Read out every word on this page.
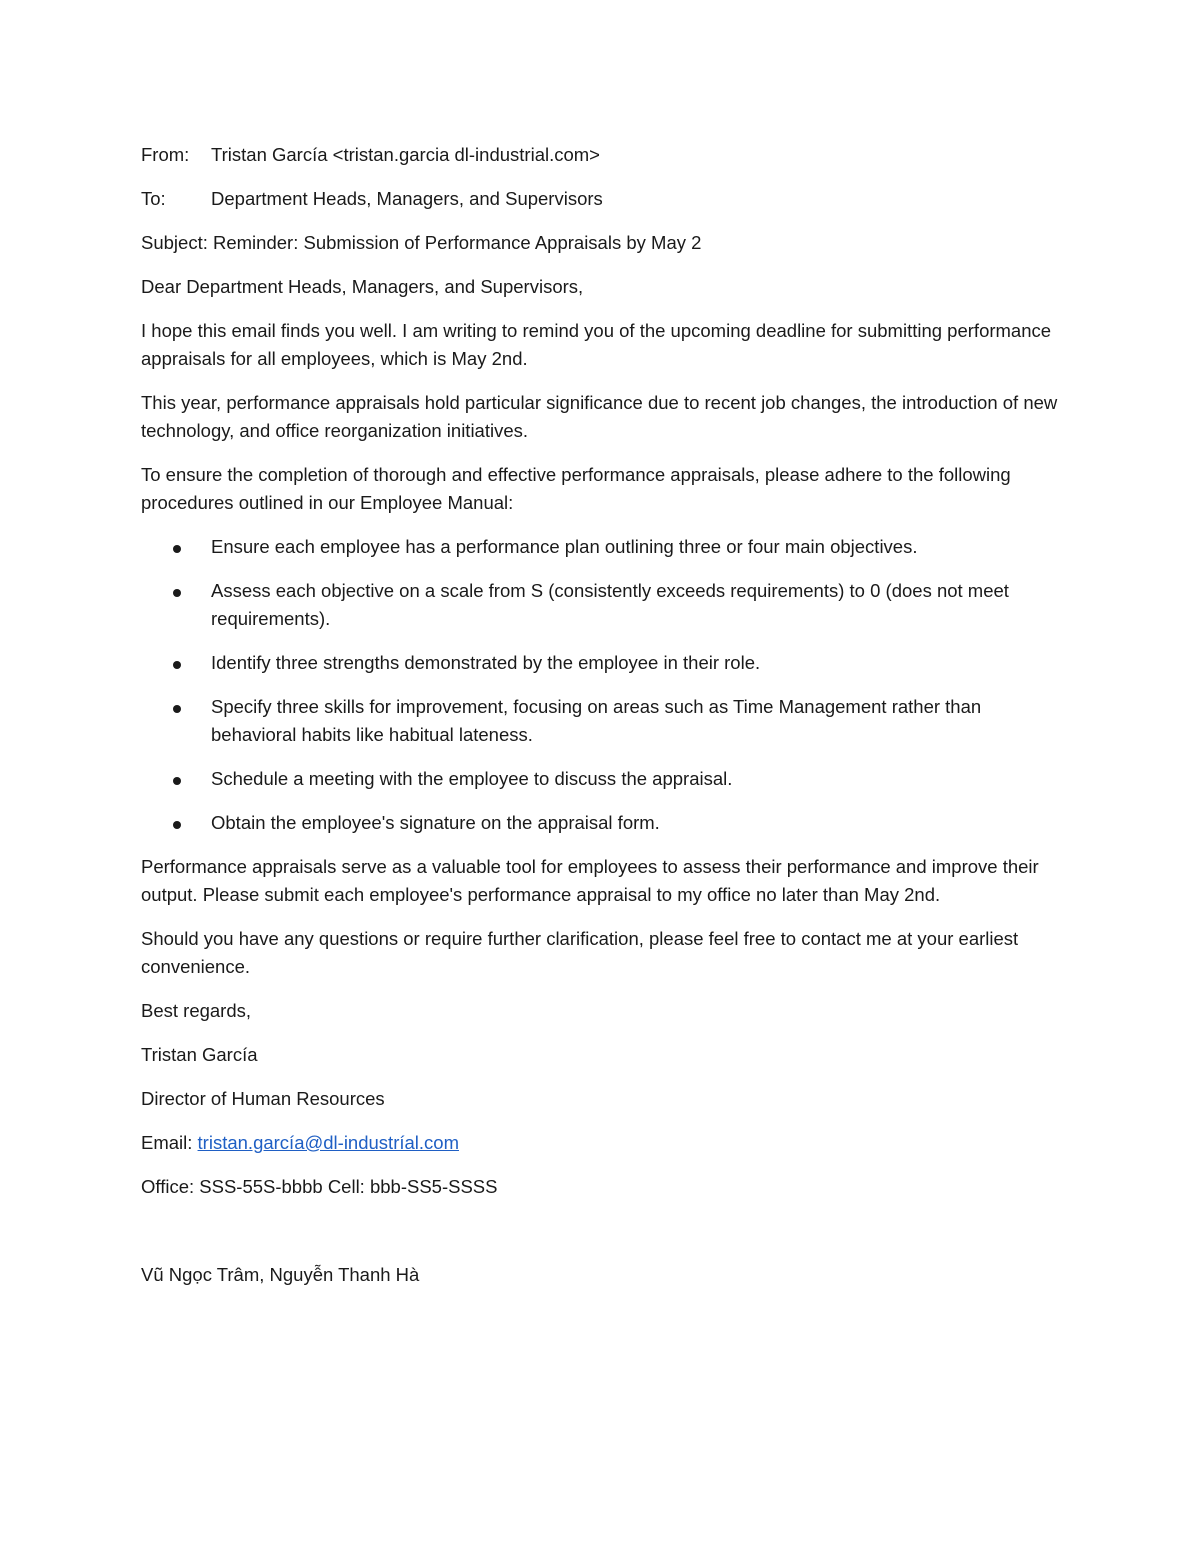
From:	Tristan García <tristan.garcia dl-industrial.com>
To:	Department Heads, Managers, and Supervisors

Subject: Reminder: Submission of Performance Appraisals by May 2

Dear Department Heads, Managers, and Supervisors,

I hope this email finds you well. I am writing to remind you of the upcoming deadline for submitting performance appraisals for all employees, which is May 2nd.

This year, performance appraisals hold particular significance due to recent job changes, the introduction of new technology, and office reorganization initiatives.

To ensure the completion of thorough and effective performance appraisals, please adhere to the following procedures outlined in our Employee Manual:

Ensure each employee has a performance plan outlining three or four main objectives.
Assess each objective on a scale from S (consistently exceeds requirements) to 0 (does not meet requirements).
Identify three strengths demonstrated by the employee in their role.
Specify three skills for improvement, focusing on areas such as Time Management rather than behavioral habits like habitual lateness.
Schedule a meeting with the employee to discuss the appraisal.
Obtain the employee's signature on the appraisal form.

Performance appraisals serve as a valuable tool for employees to assess their performance and improve their output. Please submit each employee's performance appraisal to my office no later than May 2nd.

Should you have any questions or require further clarification, please feel free to contact me at your earliest convenience.

Best regards,

Tristan García

Director of Human Resources

Email: tristan.garcía@dl-industríal.com

Office: SSS-55S-bbbb Cell: bbb-SS5-SSSS

Vũ Ngọc Trâm, Nguyễn Thanh Hà
